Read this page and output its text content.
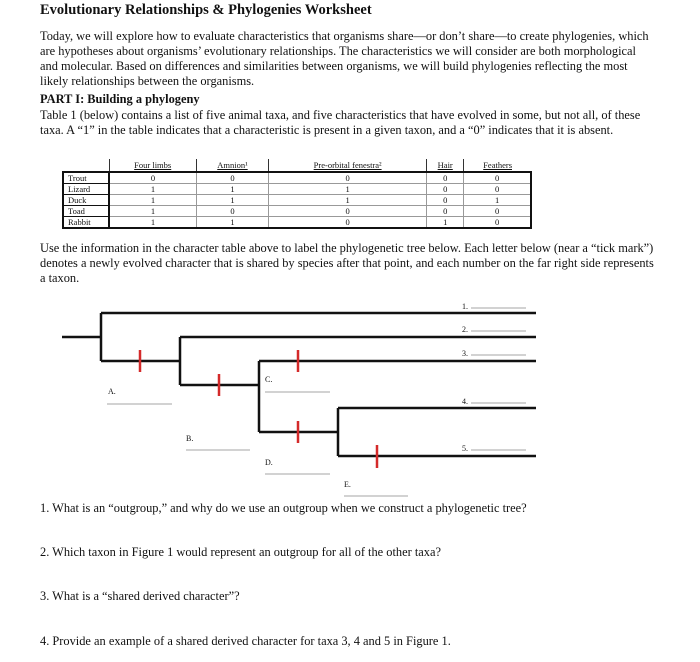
Evolutionary Relationships & Phylogenies Worksheet
Today, we will explore how to evaluate characteristics that organisms share—or don’t share—to create phylogenies, which are hypotheses about organisms’ evolutionary relationships. The characteristics we will consider are both morphological and molecular. Based on differences and similarities between organisms, we will build phylogenies reflecting the most likely relationships between the organisms.
PART I: Building a phylogeny
Table 1 (below) contains a list of five animal taxa, and five characteristics that have evolved in some, but not all, of these taxa. A “1” in the table indicates that a characteristic is present in a given taxon, and a “0” indicates that it is absent.
	Four limbs	Amnion¹	Pre-orbital fenestra²	Hair	Feathers
Trout	0	0	0	0	0
Lizard	1	1	1	0	0
Duck	1	1	1	0	1
Toad	1	0	0	0	0
Rabbit	1	1	0	1	0
Use the information in the character table above to label the phylogenetic tree below. Each letter below (near a “tick mark”) denotes a newly evolved character that is shared by species after that point, and each number on the far right side represents a taxon.
A.
B.
C.
D.
E.
1.
2.
3.
4.
5.
1. What is an “outgroup,” and why do we use an outgroup when we construct a phylogenetic tree?
2. Which taxon in Figure 1 would represent an outgroup for all of the other taxa?
3. What is a “shared derived character”?
4. Provide an example of a shared derived character for taxa 3, 4 and 5 in Figure 1.
